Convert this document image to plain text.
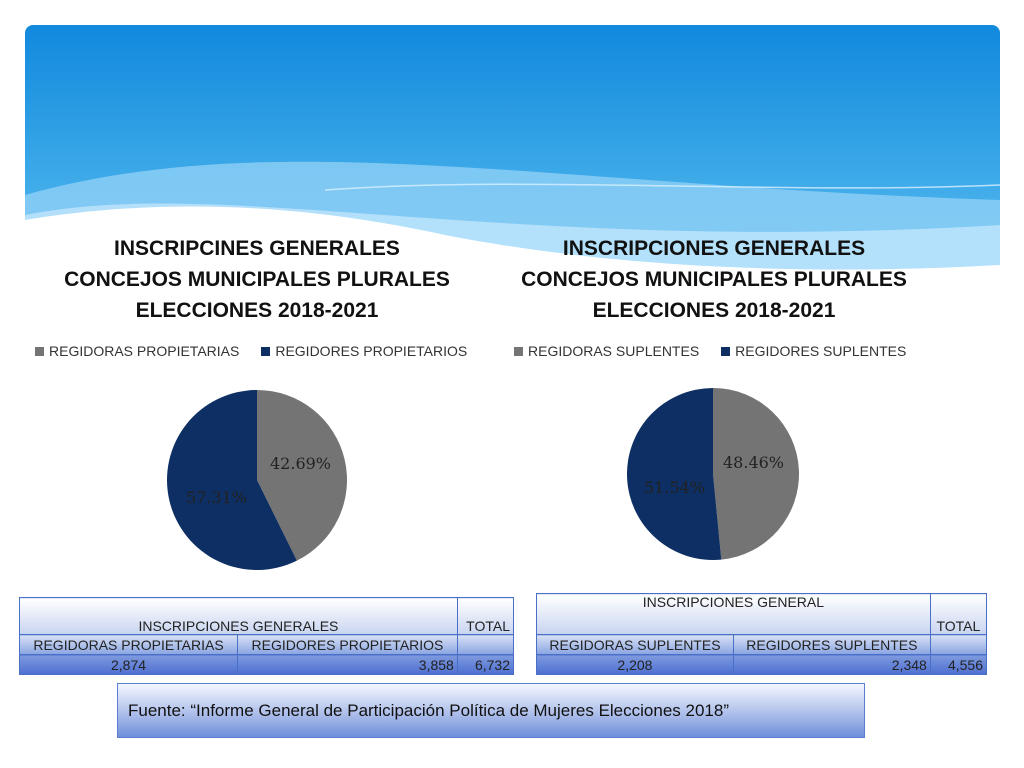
INSCRIPCINES GENERALES
CONCEJOS MUNICIPALES PLURALES
ELECCIONES 2018-2021
REGIDORAS PROPIETARIAS	REGIDORES PROPIETARIOS
42.69%
57.31%
INSCRIPCIONES GENERALES
CONCEJOS MUNICIPALES PLURALES
ELECCIONES 2018-2021
REGIDORAS SUPLENTES	REGIDORES SUPLENTES
48.46%
51.54%
INSCRIPCIONES GENERALES		TOTAL
REGIDORAS PROPIETARIAS	REGIDORES PROPIETARIOS	
2,874	3,858	6,732
INSCRIPCIONES GENERAL		TOTAL
REGIDORAS SUPLENTES	REGIDORES SUPLENTES	
2,208	2,348	4,556
Fuente: “Informe General de Participación Política de Mujeres Elecciones 2018”
